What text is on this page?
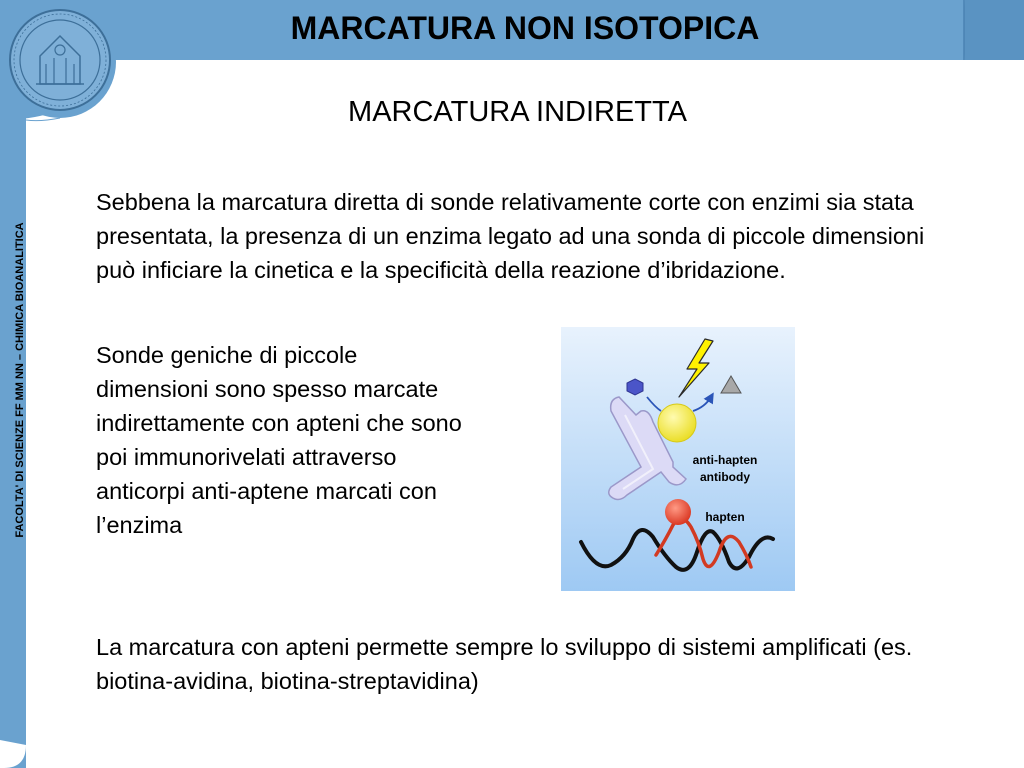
MARCATURA NON ISOTOPICA
FACOLTA' DI SCIENZE FF MM NN – CHIMICA BIOANALITICA
MARCATURA INDIRETTA

Sebbena la marcatura diretta di sonde relativamente corte con enzimi sia stata presentata, la presenza di un enzima legato ad una sonda di piccole dimensioni può inficiare la cinetica e la specificità della reazione d’ibridazione.

Sonde geniche di piccole dimensioni sono spesso marcate indirettamente con apteni che sono poi immunorivelati attraverso anticorpi anti-aptene marcati con l’enzima

La marcatura con apteni permette sempre lo sviluppo di sistemi amplificati (es. biotina-avidina, biotina-streptavidina)

anti-hapten
antibody
hapten
